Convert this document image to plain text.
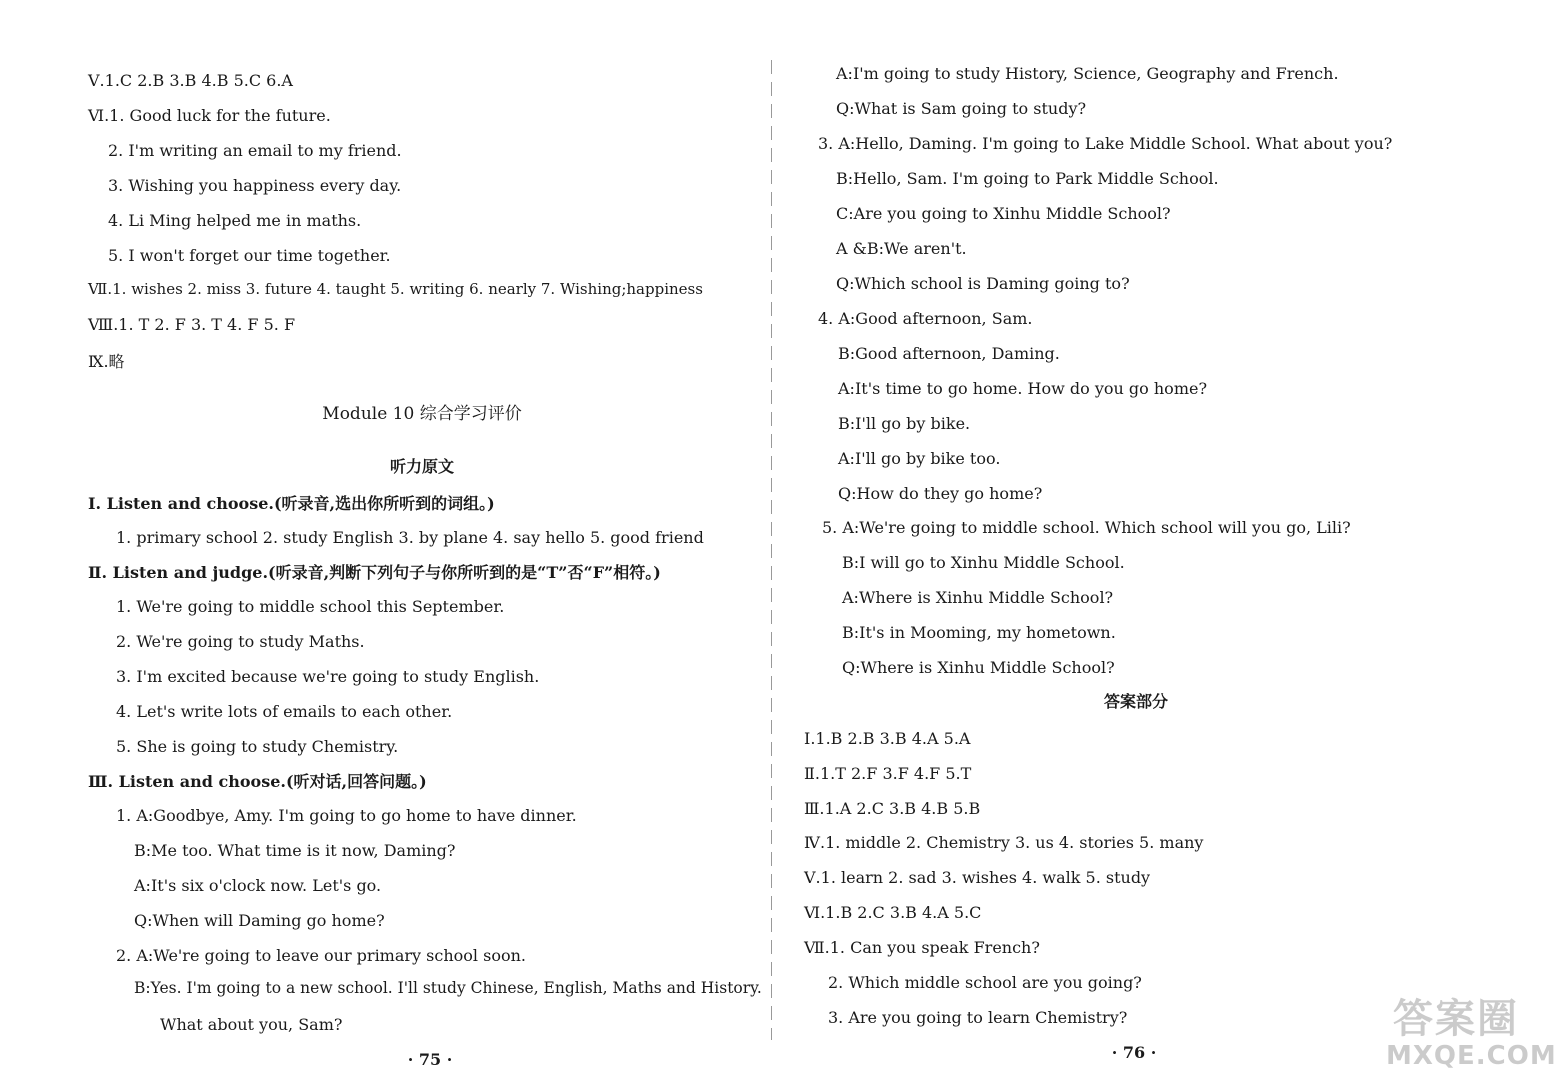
Ⅴ.1.C 2.B 3.B 4.B 5.C 6.A
Ⅵ.1. Good luck for the future.
2. I'm writing an email to my friend.
3. Wishing you happiness every day.
4. Li Ming helped me in maths.
5. I won't forget our time together.
Ⅶ.1. wishes 2. miss 3. future 4. taught 5. writing 6. nearly 7. Wishing;happiness
Ⅷ.1. T 2. F 3. T 4. F 5. F
Ⅸ.略
Module 10 综合学习评价
听力原文
Ⅰ. Listen and choose.(听录音,选出你所听到的词组。)
1. primary school 2. study English 3. by plane 4. say hello 5. good friend
Ⅱ. Listen and judge.(听录音,判断下列句子与你所听到的是“T”否“F”相符。)
1. We're going to middle school this September.
2. We're going to study Maths.
3. I'm excited because we're going to study English.
4. Let's write lots of emails to each other.
5. She is going to study Chemistry.
Ⅲ. Listen and choose.(听对话,回答问题。)
1. A:Goodbye, Amy. I'm going to go home to have dinner.
B:Me too. What time is it now, Daming?
A:It's six o'clock now. Let's go.
Q:When will Daming go home?
2. A:We're going to leave our primary school soon.
B:Yes. I'm going to a new school. I'll study Chinese, English, Maths and History.
What about you, Sam?
· 75 ·
A:I'm going to study History, Science, Geography and French.
Q:What is Sam going to study?
3. A:Hello, Daming. I'm going to Lake Middle School. What about you?
B:Hello, Sam. I'm going to Park Middle School.
C:Are you going to Xinhu Middle School?
A &B:We aren't.
Q:Which school is Daming going to?
4. A:Good afternoon, Sam.
B:Good afternoon, Daming.
A:It's time to go home. How do you go home?
B:I'll go by bike.
A:I'll go by bike too.
Q:How do they go home?
5. A:We're going to middle school. Which school will you go, Lili?
B:I will go to Xinhu Middle School.
A:Where is Xinhu Middle School?
B:It's in Mooming, my hometown.
Q:Where is Xinhu Middle School?
答案部分
Ⅰ.1.B 2.B 3.B 4.A 5.A
Ⅱ.1.T 2.F 3.F 4.F 5.T
Ⅲ.1.A 2.C 3.B 4.B 5.B
Ⅳ.1. middle 2. Chemistry 3. us 4. stories 5. many
Ⅴ.1. learn 2. sad 3. wishes 4. walk 5. study
Ⅵ.1.B 2.C 3.B 4.A 5.C
Ⅶ.1. Can you speak French?
2. Which middle school are you going?
3. Are you going to learn Chemistry?
· 76 ·
答案圈
MXQE.COM
